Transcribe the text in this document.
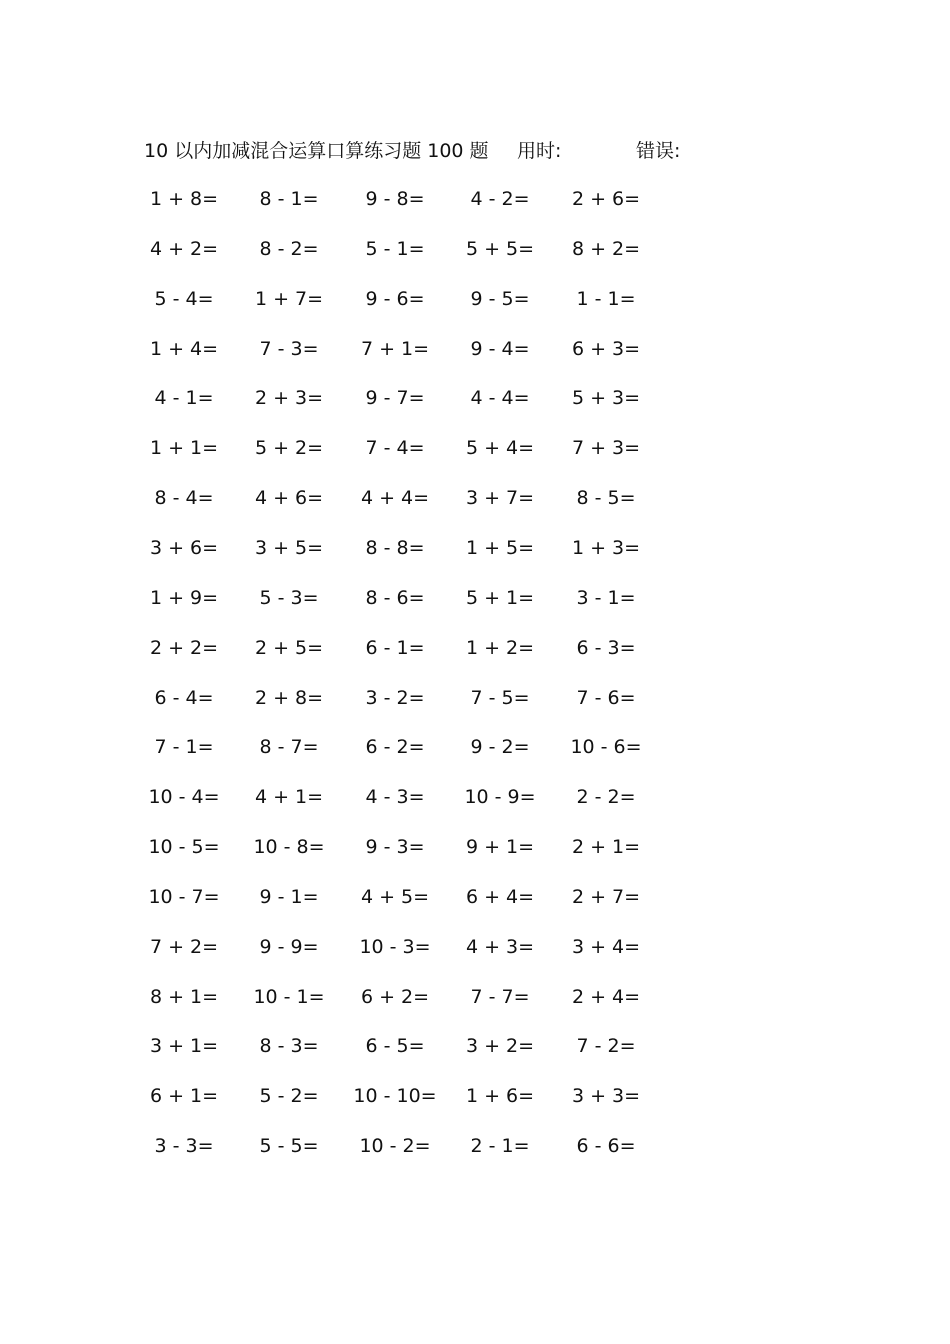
10 以内加减混合运算口算练习题 100 题 用时:	错误:
1 + 8= 8 - 1= 9 - 8= 4 - 2= 2 + 6=
4 + 2= 8 - 2= 5 - 1= 5 + 5= 8 + 2=
5 - 4= 1 + 7= 9 - 6= 9 - 5= 1 - 1=
1 + 4= 7 - 3= 7 + 1= 9 - 4= 6 + 3=
4 - 1= 2 + 3= 9 - 7= 4 - 4= 5 + 3=
1 + 1= 5 + 2= 7 - 4= 5 + 4= 7 + 3=
8 - 4= 4 + 6= 4 + 4= 3 + 7= 8 - 5=
3 + 6= 3 + 5= 8 - 8= 1 + 5= 1 + 3=
1 + 9= 5 - 3= 8 - 6= 5 + 1= 3 - 1=
2 + 2= 2 + 5= 6 - 1= 1 + 2= 6 - 3=
6 - 4= 2 + 8= 3 - 2= 7 - 5= 7 - 6=
7 - 1= 8 - 7= 6 - 2= 9 - 2= 10 - 6=
10 - 4= 4 + 1= 4 - 3= 10 - 9= 2 - 2=
10 - 5= 10 - 8= 9 - 3= 9 + 1= 2 + 1=
10 - 7= 9 - 1= 4 + 5= 6 + 4= 2 + 7=
7 + 2= 9 - 9= 10 - 3= 4 + 3= 3 + 4=
8 + 1= 10 - 1= 6 + 2= 7 - 7= 2 + 4=
3 + 1= 8 - 3= 6 - 5= 3 + 2= 7 - 2=
6 + 1= 5 - 2= 10 - 10= 1 + 6= 3 + 3=
3 - 3= 5 - 5= 10 - 2= 2 - 1= 6 - 6=
